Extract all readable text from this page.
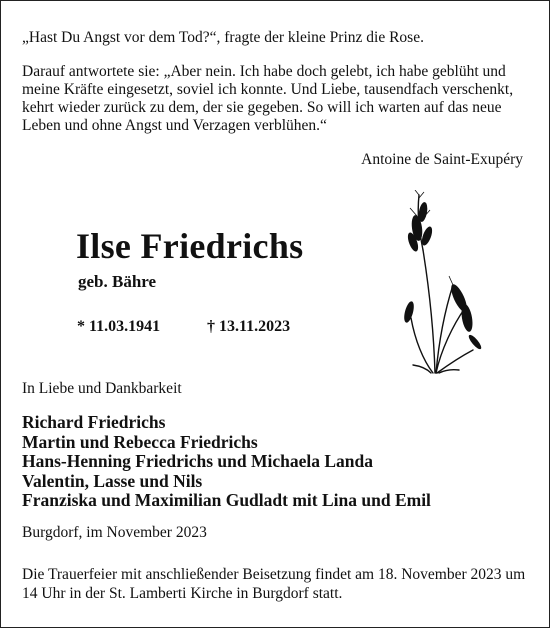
„Hast Du Angst vor dem Tod?“, fragte der kleine Prinz die Rose.

Darauf antwortete sie: „Aber nein. Ich habe doch gelebt, ich habe geblüht und meine Kräfte eingesetzt, soviel ich konnte. Und Liebe, tausendfach verschenkt, kehrt wieder zurück zu dem, der sie gegeben. So will ich warten auf das neue Leben und ohne Angst und Verzagen verblühen.“

Antoine de Saint-Exupéry
Ilse Friedrichs
geb. Bähre
* 11.03.1941	† 13.11.2023
In Liebe und Dankbarkeit
Richard Friedrichs
Martin und Rebecca Friedrichs
Hans-Henning Friedrichs und Michaela Landa
Valentin, Lasse und Nils
Franziska und Maximilian Gudladt mit Lina und Emil
Burgdorf, im November 2023

Die Trauerfeier mit anschließender Beisetzung findet am 18. November 2023 um 14 Uhr in der St. Lamberti Kirche in Burgdorf statt.
